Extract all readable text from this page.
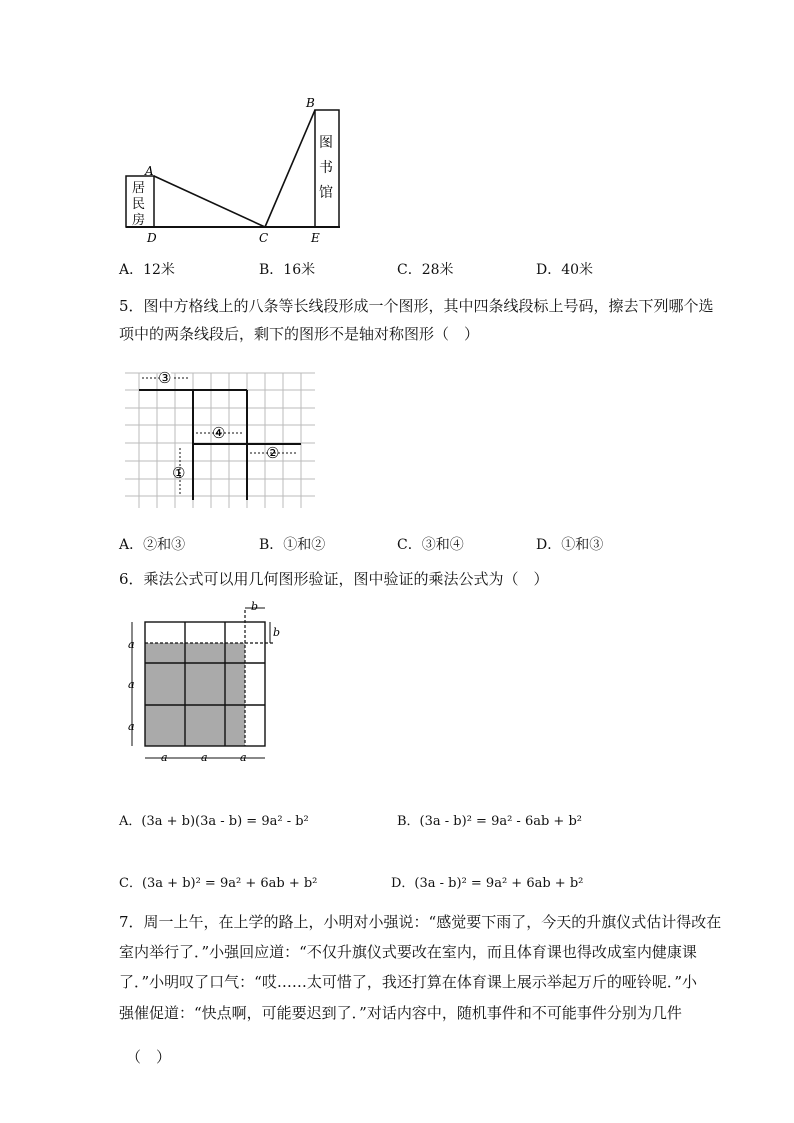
A
B
C
D	E
居
民
房
图
书
馆
A．12米	B．16米	C．28米	D．40米
5．图中方格线上的八条等长线段形成一个图形，其中四条线段标上号码，擦去下列哪个选
项中的两条线段后，剩下的图形不是轴对称图形（　）
③
④
②
①
A．②和③	B．①和②	C．③和④	D．①和③
6．乘法公式可以用几何图形验证，图中验证的乘法公式为（　）
a
a
a
a	a	a
b
b
A．(3a + b)(3a - b) = 9a² - b²	B．(3a - b)² = 9a² - 6ab + b²
C．(3a + b)² = 9a² + 6ab + b²	D．(3a - b)² = 9a² + 6ab + b²
7．周一上午，在上学的路上，小明对小强说：“感觉要下雨了，今天的升旗仪式估计得改在
室内举行了．”小强回应道：“不仅升旗仪式要改在室内，而且体育课也得改成室内健康课
了．”小明叹了口气：“哎……太可惜了，我还打算在体育课上展示举起万斤的哑铃呢．”小
强催促道：“快点啊，可能要迟到了．”对话内容中，随机事件和不可能事件分别为几件
（　）
